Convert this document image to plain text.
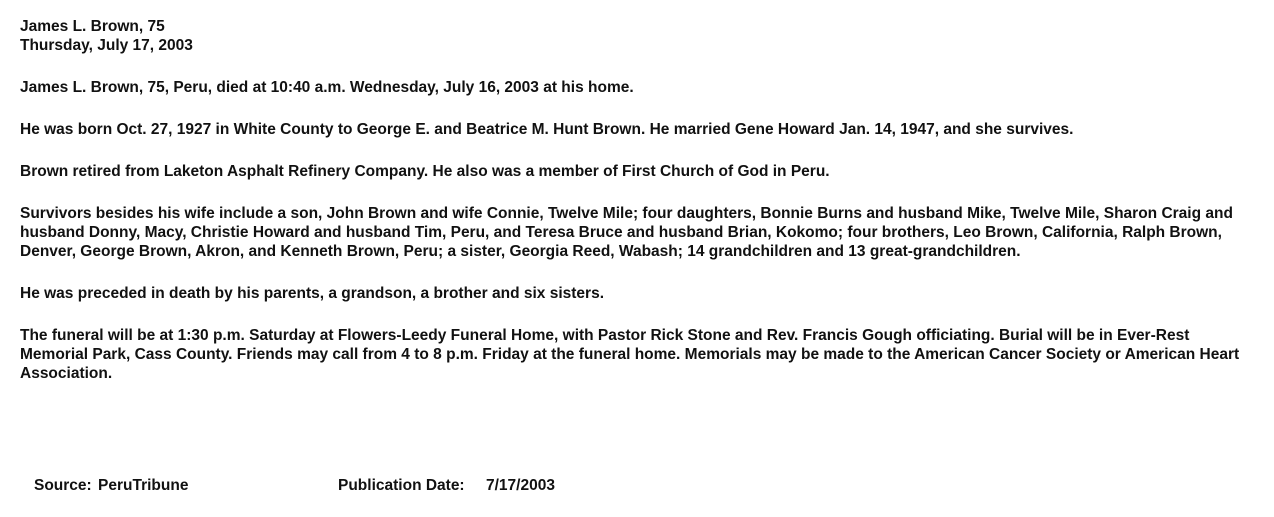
James L. Brown, 75
Thursday, July 17, 2003

James L. Brown, 75, Peru, died at 10:40 a.m. Wednesday, July 16, 2003 at his home.

He was born Oct. 27, 1927 in White County to George E. and Beatrice M. Hunt Brown. He married Gene Howard Jan. 14, 1947, and she survives.

Brown retired from Laketon Asphalt Refinery Company. He also was a member of First Church of God in Peru.

Survivors besides his wife include a son, John Brown and wife Connie, Twelve Mile; four daughters, Bonnie Burns and husband Mike, Twelve Mile, Sharon Craig and husband Donny, Macy, Christie Howard and husband Tim, Peru, and Teresa Bruce and husband Brian, Kokomo; four brothers, Leo Brown, California, Ralph Brown, Denver, George Brown, Akron, and Kenneth Brown, Peru; a sister, Georgia Reed, Wabash; 14 grandchildren and 13 great-grandchildren.

He was preceded in death by his parents, a grandson, a brother and six sisters.

The funeral will be at 1:30 p.m. Saturday at Flowers-Leedy Funeral Home, with Pastor Rick Stone and Rev. Francis Gough officiating. Burial will be in Ever-Rest Memorial Park, Cass County. Friends may call from 4 to 8 p.m. Friday at the funeral home. Memorials may be made to the American Cancer Society or American Heart Association.

Source: PeruTribune	Publication Date: 7/17/2003
